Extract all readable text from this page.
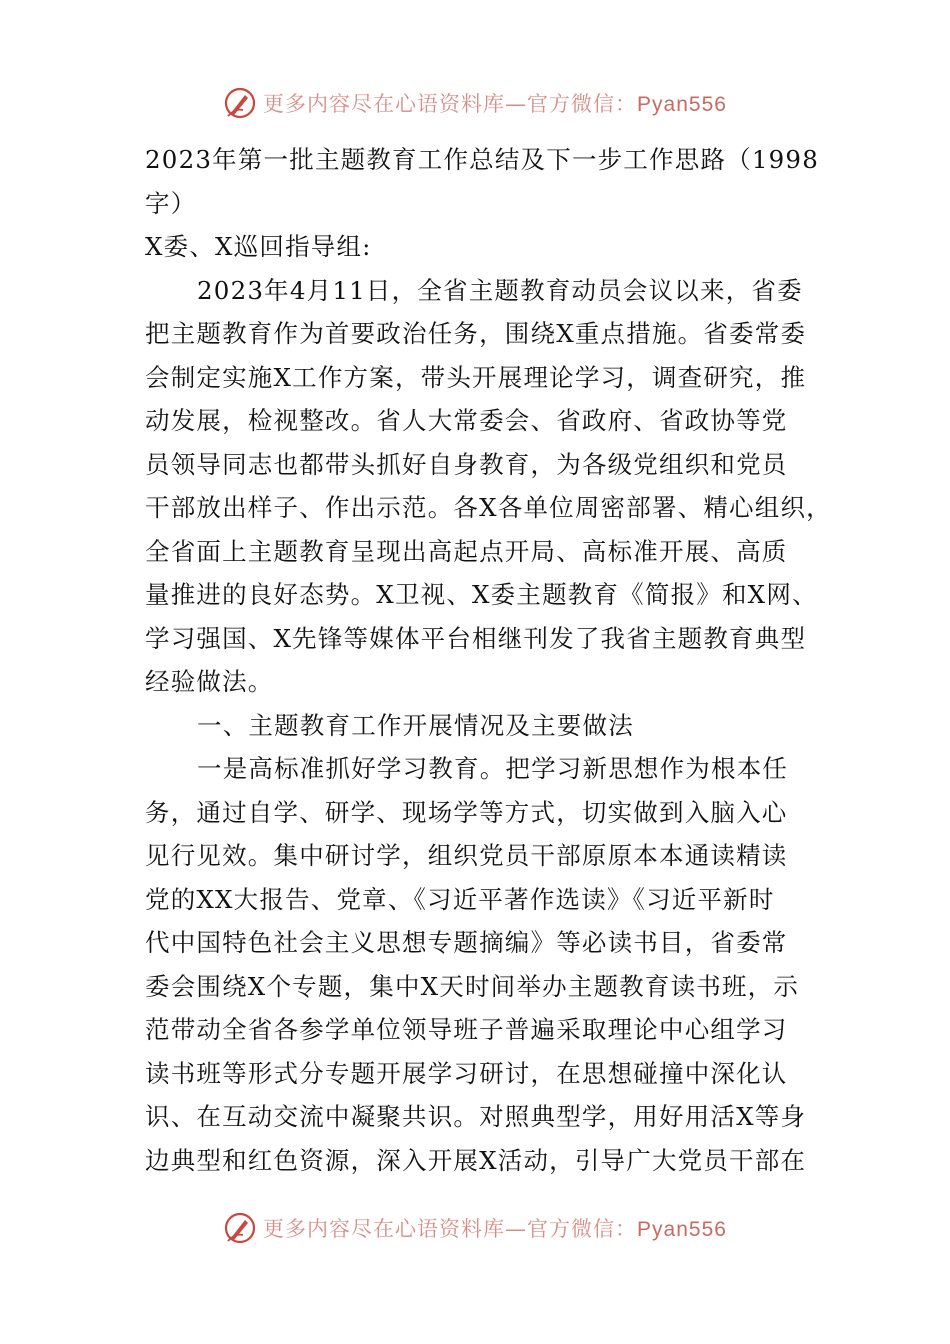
更多内容尽在心语资料库—官方微信：Pyan556
2023年第一批主题教育工作总结及下一步工作思路（1998
字）
X委、X巡回指导组:
2023年4月11日，全省主题教育动员会议以来，省委
把主题教育作为首要政治任务，围绕X重点措施。省委常委
会制定实施X工作方案，带头开展理论学习，调查研究，推
动发展，检视整改。省人大常委会、省政府、省政协等党
员领导同志也都带头抓好自身教育，为各级党组织和党员
干部放出样子、作出示范。各X各单位周密部署、精心组织，
全省面上主题教育呈现出高起点开局、高标准开展、高质
量推进的良好态势。X卫视、X委主题教育《简报》和X网、
学习强国、X先锋等媒体平台相继刊发了我省主题教育典型
经验做法。
一、主题教育工作开展情况及主要做法
一是高标准抓好学习教育。把学习新思想作为根本任
务，通过自学、研学、现场学等方式，切实做到入脑入心
见行见效。集中研讨学，组织党员干部原原本本通读精读
党的XX大报告、党章、《习近平著作选读》《习近平新时
代中国特色社会主义思想专题摘编》等必读书目，省委常
委会围绕X个专题，集中X天时间举办主题教育读书班，示
范带动全省各参学单位领导班子普遍采取理论中心组学习
读书班等形式分专题开展学习研讨，在思想碰撞中深化认
识、在互动交流中凝聚共识。对照典型学，用好用活X等身
边典型和红色资源，深入开展X活动，引导广大党员干部在
更多内容尽在心语资料库—官方微信：Pyan556
